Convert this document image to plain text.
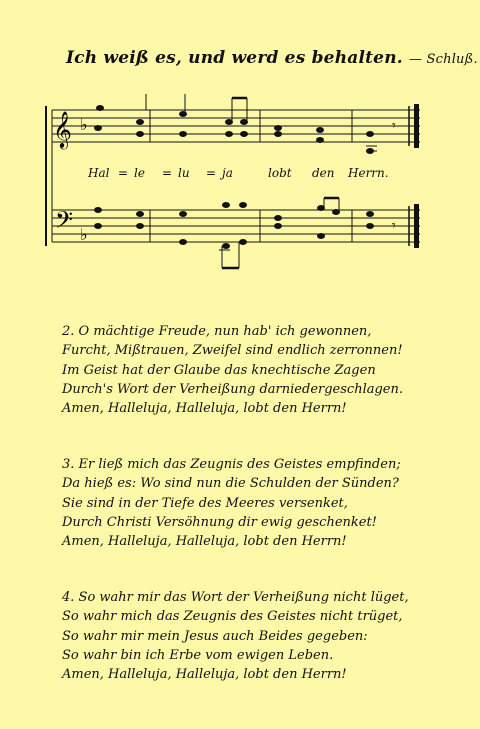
Ich weiß es, und werd es behalten. — Schluß.
𝄞 ♭
𝄢 ♭
𝄾
𝄾
Hal = le = lu = ja	lobt den Herrn.
2. O mächtige Freude, nun hab' ich gewonnen,
Furcht, Mißtrauen, Zweifel sind endlich zerronnen!
Im Geist hat der Glaube das knechtische Zagen
Durch's Wort der Verheißung darniedergeschlagen.
Amen, Halleluja, Halleluja, lobt den Herrn!
3. Er ließ mich das Zeugnis des Geistes empfinden;
Da hieß es: Wo sind nun die Schulden der Sünden?
Sie sind in der Tiefe des Meeres versenket,
Durch Christi Versöhnung dir ewig geschenket!
Amen, Halleluja, Halleluja, lobt den Herrn!
4. So wahr mir das Wort der Verheißung nicht lüget,
So wahr mich das Zeugnis des Geistes nicht trüget,
So wahr mir mein Jesus auch Beides gegeben:
So wahr bin ich Erbe vom ewigen Leben.
Amen, Halleluja, Halleluja, lobt den Herrn!
